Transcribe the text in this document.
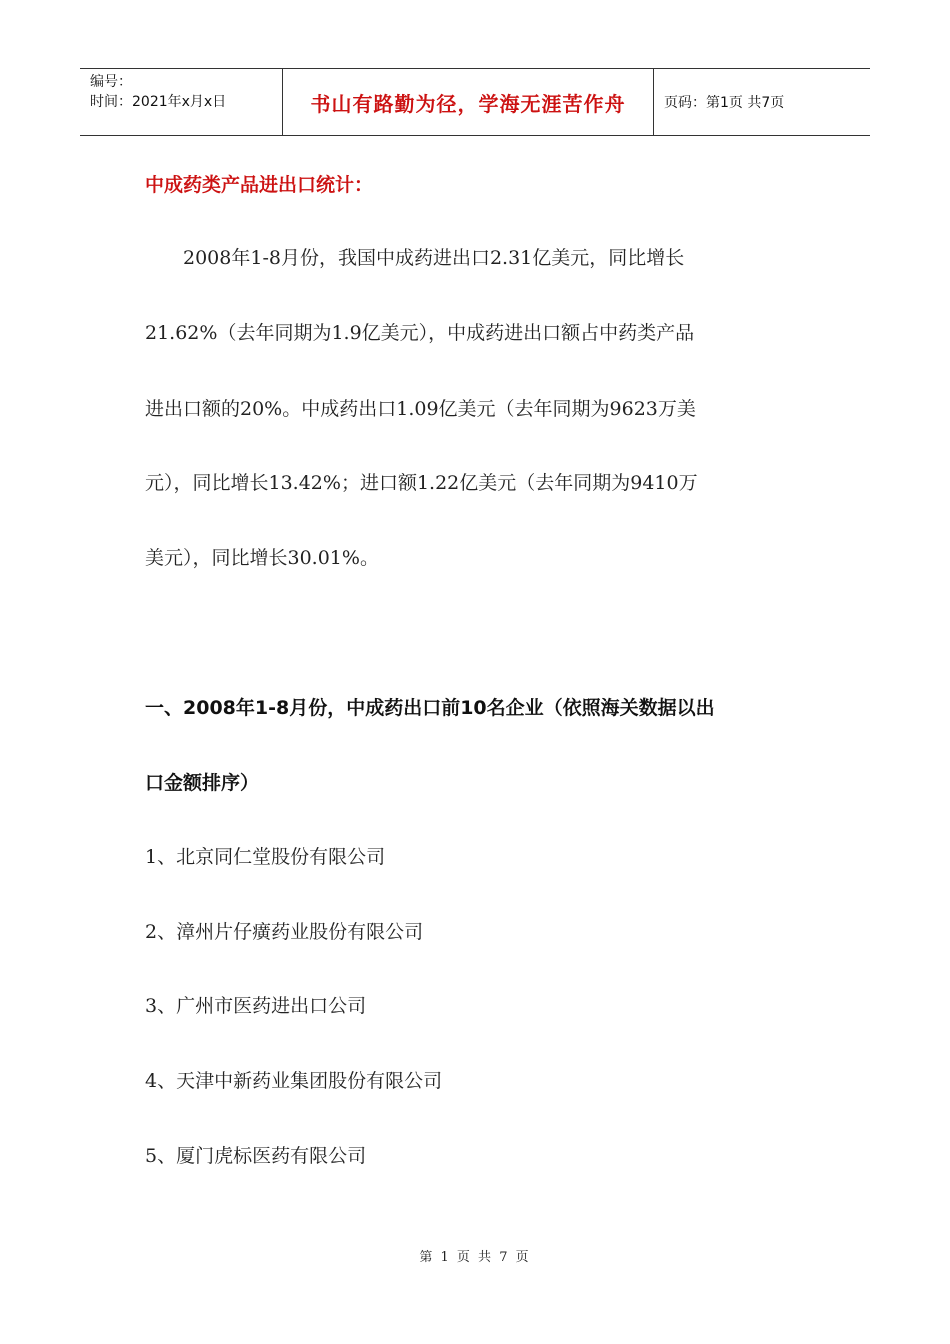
编号：
时间：2021年x月x日	书山有路勤为径，学海无涯苦作舟	页码：第1页 共7页
中成药类产品进出口统计：
　　2008年1-8月份，我国中成药进出口2.31亿美元，同比增长
21.62%（去年同期为1.9亿美元），中成药进出口额占中药类产品
进出口额的20%。中成药出口1.09亿美元（去年同期为9623万美
元），同比增长13.42%；进口额1.22亿美元（去年同期为9410万
美元），同比增长30.01%。
一、2008年1-8月份，中成药出口前10名企业（依照海关数据以出
口金额排序）
1、北京同仁堂股份有限公司
2、漳州片仔癀药业股份有限公司
3、广州市医药进出口公司
4、天津中新药业集团股份有限公司
5、厦门虎标医药有限公司
第 1 页 共 7 页
